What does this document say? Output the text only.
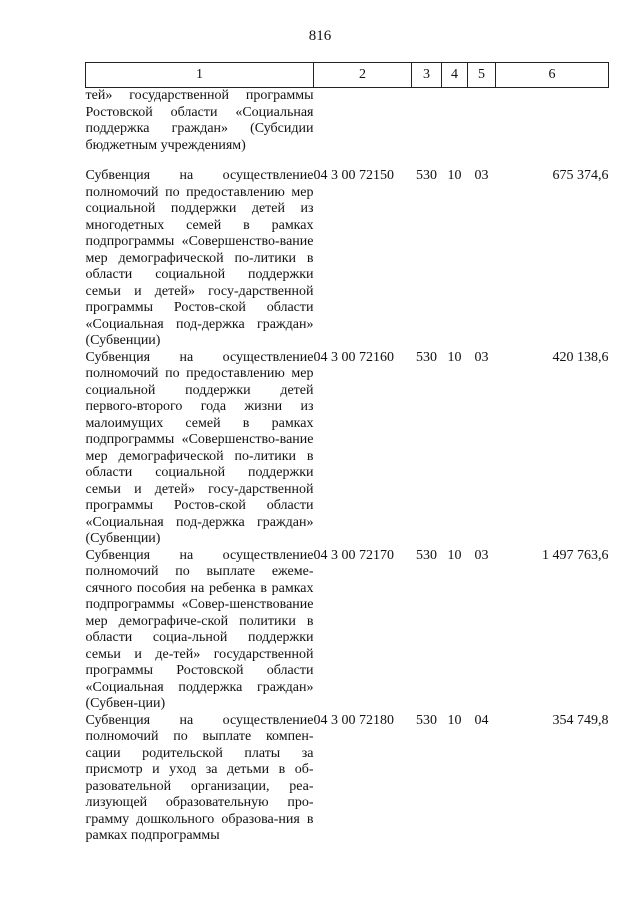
816
1	2	3	4	5	6
тей» государственной программы Ростовской области «Социальная поддержка граждан» (Субсидии бюджетным учреждениям)					
Субвенция на осуществление полномочий по предоставлению мер социальной поддержки детей из многодетных семей в рамках подпрограммы «Совершенство-вание мер демографической по-литики в области социальной поддержки семьи и детей» госу-дарственной программы Ростов-ской области «Социальная под-держка граждан» (Субвенции)	04 3 00 72150	530	10	03	675 374,6
Субвенция на осуществление полномочий по предоставлению мер социальной поддержки детей первого-второго года жизни из малоимущих семей в рамках подпрограммы «Совершенство-вание мер демографической по-литики в области социальной поддержки семьи и детей» госу-дарственной программы Ростов-ской области «Социальная под-держка граждан» (Субвенции)	04 3 00 72160	530	10	03	420 138,6
Субвенция на осуществление полномочий по выплате ежеме-сячного пособия на ребенка в рамках подпрограммы «Совер-шенствование мер демографиче-ской политики в области социа-льной поддержки семьи и де-тей» государственной программы Ростовской области «Социальная поддержка граждан» (Субвен-ции)	04 3 00 72170	530	10	03	1 497 763,6
Субвенция на осуществление полномочий по выплате компен-сации родительской платы за присмотр и уход за детьми в об-разовательной организации, реа-лизующей образовательную про-грамму дошкольного образова-ния в рамках подпрограммы	04 3 00 72180	530	10	04	354 749,8
